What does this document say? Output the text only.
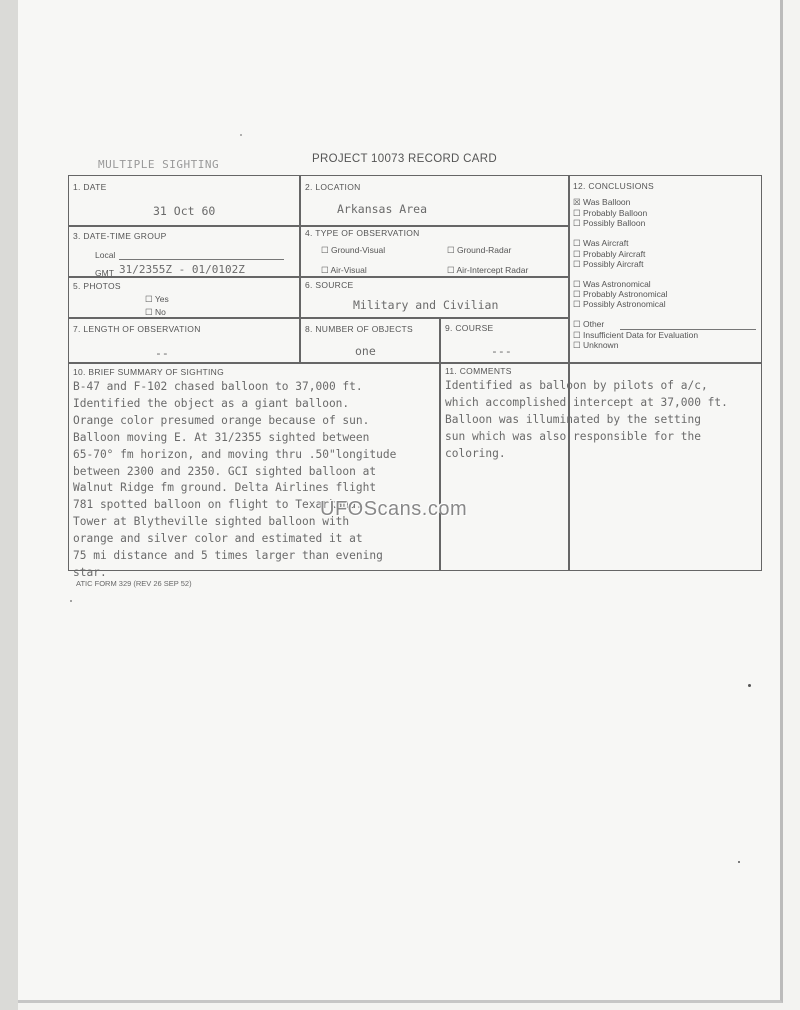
MULTIPLE SIGHTING	PROJECT 10073 RECORD CARD
1. DATE
31 Oct 60
2. LOCATION
Arkansas Area
3. DATE-TIME GROUP
Local
GMT 31/2355Z - 01/0102Z
4. TYPE OF OBSERVATION
☐ Ground-Visual	☐ Ground-Radar
☐ Air-Visual	☐ Air-Intercept Radar
5. PHOTOS
☐ Yes
☐ No
6. SOURCE
Military and Civilian
7. LENGTH OF OBSERVATION
--
8. NUMBER OF OBJECTS
one
9. COURSE
---
10. BRIEF SUMMARY OF SIGHTING
B-47 and F-102 chased balloon to 37,000 ft.
Identified the object as a giant balloon.
Orange color presumed orange because of sun.
Balloon moving E. At 31/2355 sighted between
65-70° fm horizon, and moving thru .50"longitude
between 2300 and 2350. GCI sighted balloon at
Walnut Ridge fm ground. Delta Airlines flight
781 spotted balloon on flight to Texarkana.
Tower at Blytheville sighted balloon with
orange and silver color and estimated it at
75 mi distance and 5 times larger than evening
star.
11. COMMENTS
Identified as balloon by pilots of a/c,
which accomplished intercept at 37,000 ft.
Balloon was illuminated by the setting
sun which was also responsible for the
coloring.
12. CONCLUSIONS
☒ Was Balloon
☐ Probably Balloon
☐ Possibly Balloon
☐ Was Aircraft
☐ Probably Aircraft
☐ Possibly Aircraft
☐ Was Astronomical
☐ Probably Astronomical
☐ Possibly Astronomical
☐ Other
☐ Insufficient Data for Evaluation
☐ Unknown
UFOScans.com
ATIC FORM 329 (REV 26 SEP 52)
